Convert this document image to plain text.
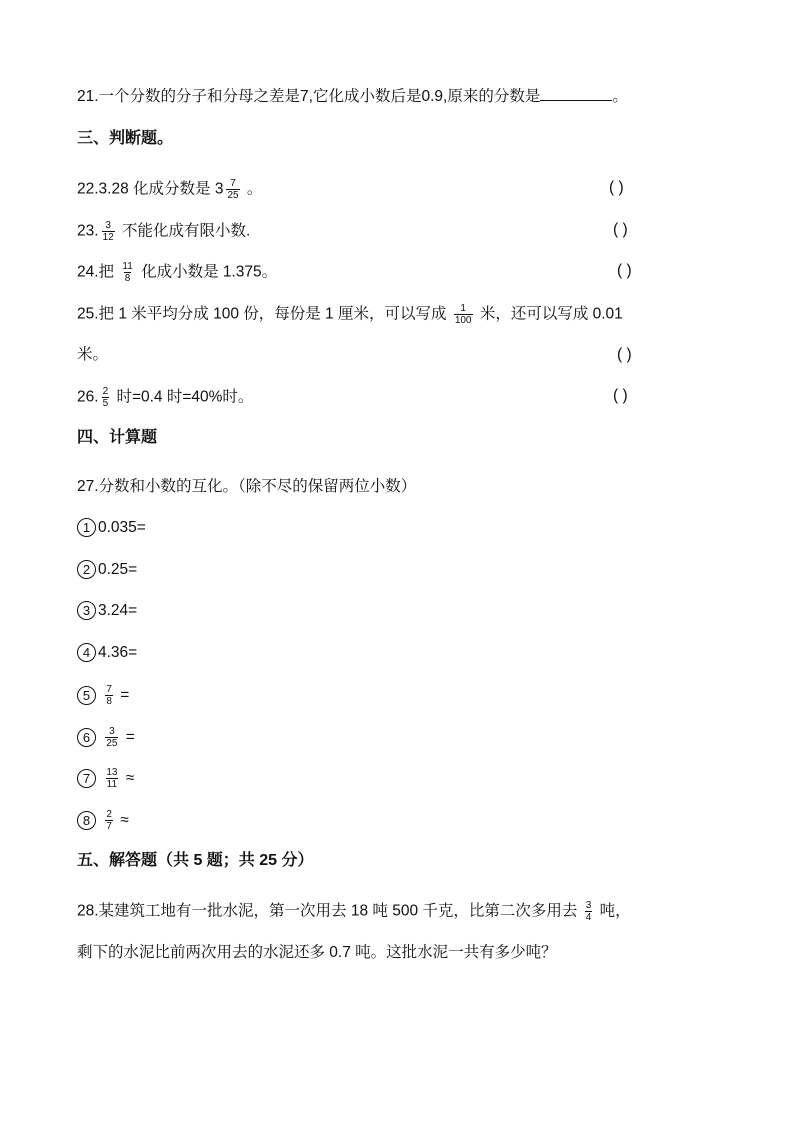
21.一个分数的分子和分母之差是7,它化成小数后是0.9,原来的分数是	。
三、判断题。
22.3.28 化成分数是 $3 \frac{7}{25}$ 。	( )
23. $\frac{3}{12}$ 不能化成有限小数.	( )
24.把 $\frac{11}{8}$ 化成小数是 1.375。	( )
25.把 1 米平均分成 100 份，每份是 1 厘米，可以写成 $\frac{1}{100}$ 米，还可以写成 0.01
米。	( )
26. $\frac{2}{5}$ 时=0.4 时=40%时。	( )
四、计算题
27.分数和小数的互化。（除不尽的保留两位小数）
1 0.035=
2 0.25=
3 3.24=
4 4.36=
$5 \frac{7}{8}$ =
$6 \frac{3}{25}$ =
$7 \frac{13}{11}$ ≈
$8 \frac{2}{7}$ ≈
五、解答题（共 5 题；共 25 分）
28.某建筑工地有一批水泥，第一次用去 18 吨 500 千克，比第二次多用去 $\frac{3}{4}$ 吨，
剩下的水泥比前两次用去的水泥还多 0.7 吨。这批水泥一共有多少吨？
